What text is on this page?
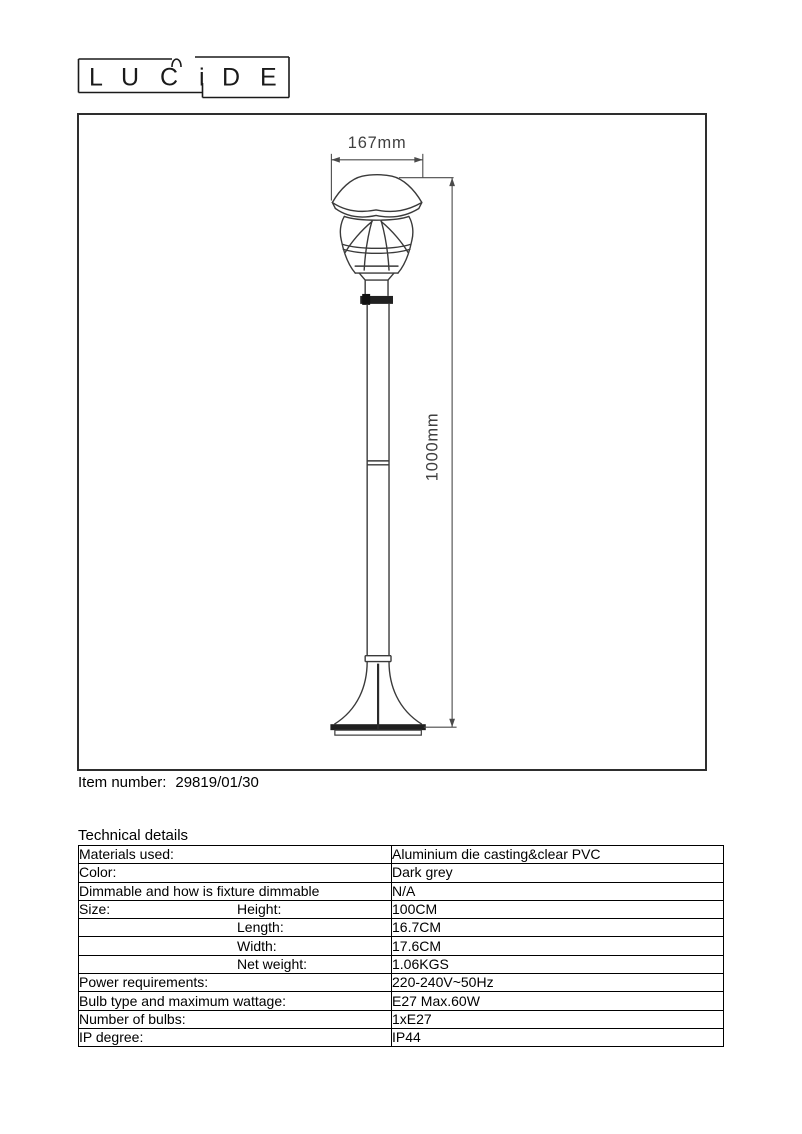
L U C i D E
167mm
1000mm
Item number: 29819/01/30
Technical details
Materials used:	Aluminium die casting&clear PVC
Color:	Dark grey
Dimmable and how is fixture dimmable	N/A
Size: Height:	100CM

Length:	16.7CM

Width:	17.6CM

Net weight:	1.06KGS
Power requirements:	220-240V~50Hz
Bulb type and maximum wattage:	E27 Max.60W
Number of bulbs:	1xE27
IP degree:	IP44
